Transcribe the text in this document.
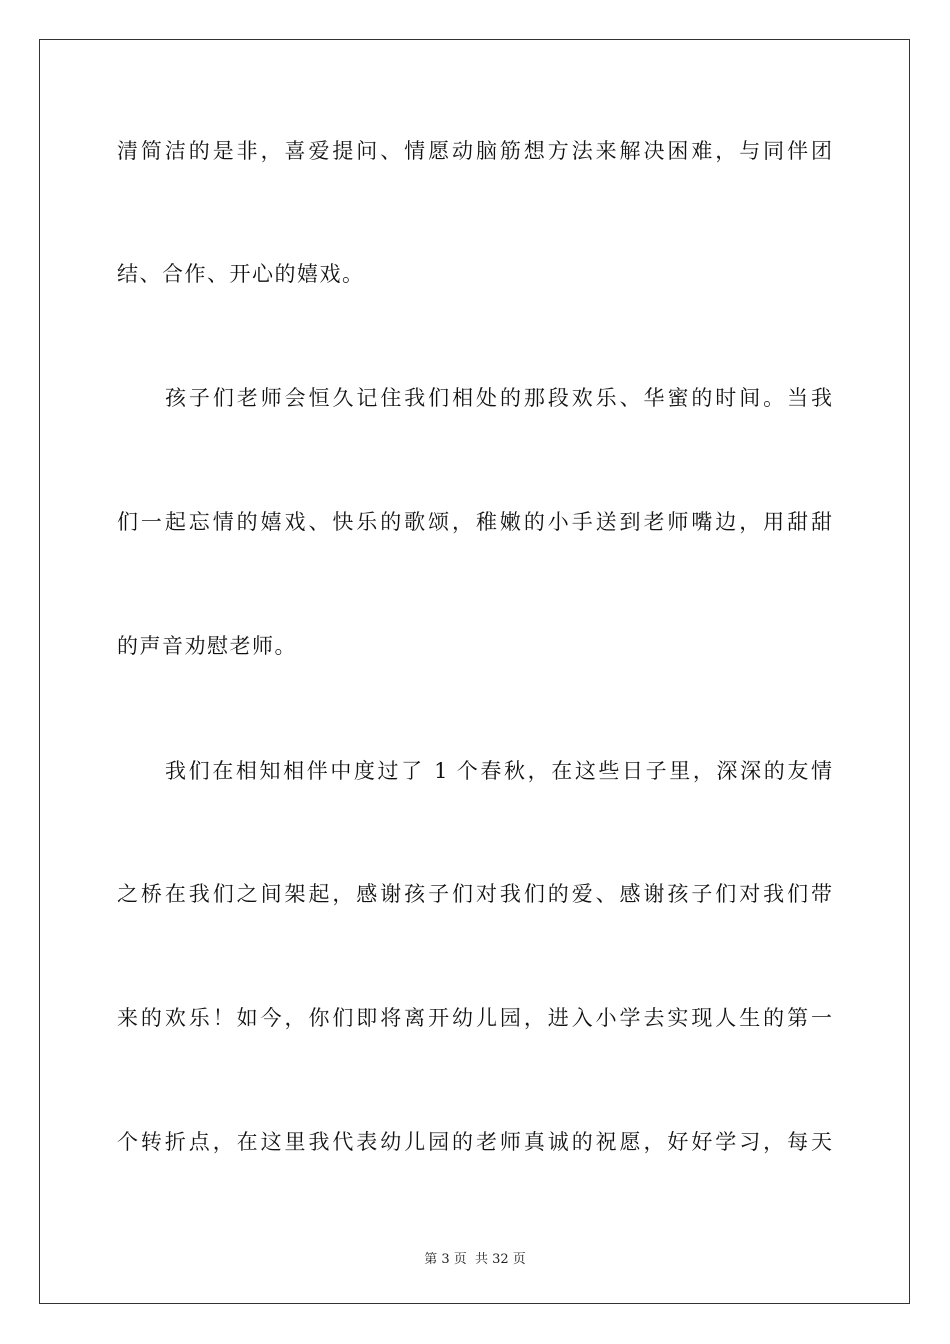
清简洁的是非，喜爱提问、情愿动脑筋想方法来解决困难，与同伴团
结、合作、开心的嬉戏。
孩子们老师会恒久记住我们相处的那段欢乐、华蜜的时间。当我
们一起忘情的嬉戏、快乐的歌颂，稚嫩的小手送到老师嘴边，用甜甜
的声音劝慰老师。
我们在相知相伴中度过了 1 个春秋，在这些日子里，深深的友情
之桥在我们之间架起，感谢孩子们对我们的爱、感谢孩子们对我们带
来的欢乐！如今，你们即将离开幼儿园，进入小学去实现人生的第一
个转折点，在这里我代表幼儿园的老师真诚的祝愿，好好学习，每天
第 3 页 共 32 页
